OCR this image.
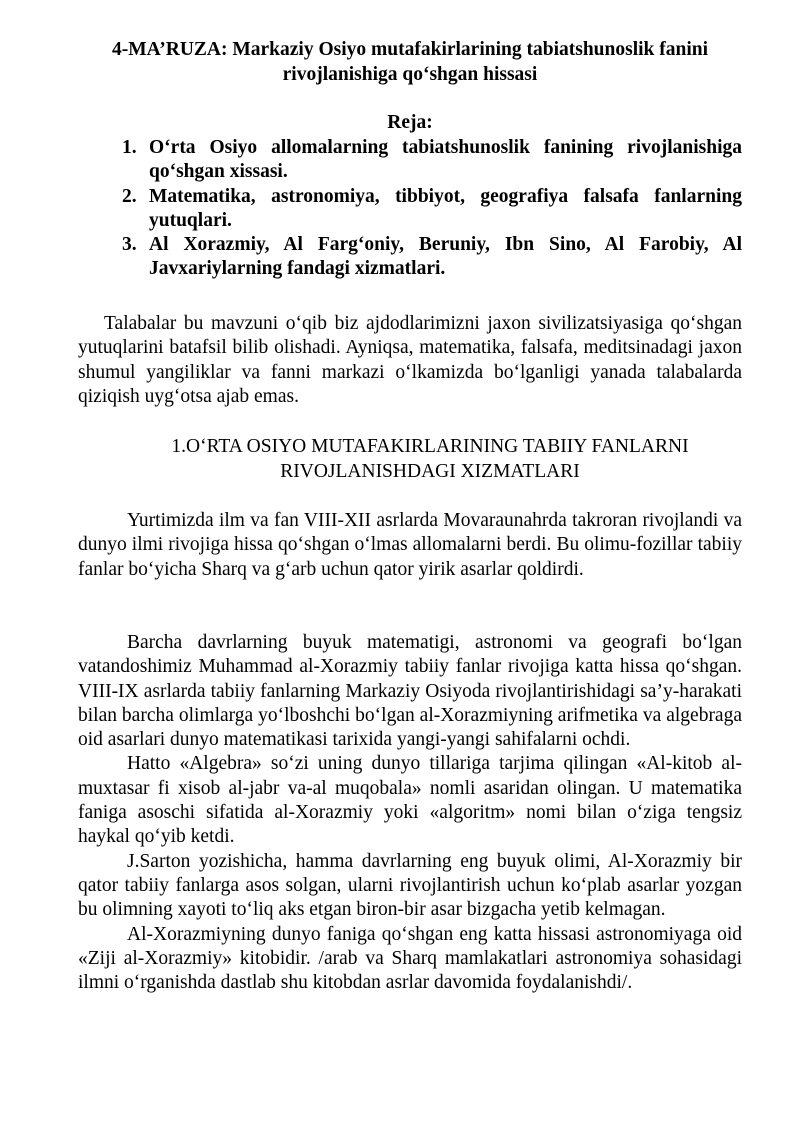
4-MA’RUZA: Markaziy Osiyo mutafakirlarining tabiatshunoslik fanini rivojlanishiga qo‘shgan hissasi
Reja:
1. O‘rta Osiyo allomalarning tabiatshunoslik fanining rivojlanishiga qo‘shgan xissasi.
2. Matematika, astronomiya, tibbiyot, geografiya falsafa fanlarning yutuqlari.
3. Al Xorazmiy, Al Farg‘oniy, Beruniy, Ibn Sino, Al Farobiy, Al Javxariylarning fandagi xizmatlari.

Talabalar bu mavzuni o‘qib biz ajdodlarimizni jaxon sivilizatsiyasiga qo‘shgan yutuqlarini batafsil bilib olishadi. Ayniqsa, matematika, falsafa, meditsinadagi jaxon shumul yangiliklar va fanni markazi o‘lkamizda bo‘lganligi yanada talabalarda qiziqish uyg‘otsa ajab emas.

1.O‘RTA OSIYO MUTAFAKIRLARINING TABIIY FANLARNI RIVOJLANISHDAGI XIZMATLARI

Yurtimizda ilm va fan VIII-XII asrlarda Movaraunahrda takroran rivojlandi va dunyo ilmi rivojiga hissa qo‘shgan o‘lmas allomalarni berdi. Bu olimu-fozillar tabiiy fanlar bo‘yicha Sharq va g‘arb uchun qator yirik asarlar qoldirdi.

Barcha davrlarning buyuk matematigi, astronomi va geografi bo‘lgan vatandoshimiz Muhammad al-Xorazmiy tabiiy fanlar rivojiga katta hissa qo‘shgan. VIII-IX asrlarda tabiiy fanlarning Markaziy Osiyoda rivojlantirishidagi sa’y-harakati bilan barcha olimlarga yo‘lboshchi bo‘lgan al-Xorazmiyning arifmetika va algebraga oid asarlari dunyo matematikasi tarixida yangi-yangi sahifalarni ochdi.

Hatto «Algebra» so‘zi uning dunyo tillariga tarjima qilingan «Al-kitob al-muxtasar fi xisob al-jabr va-al muqobala» nomli asaridan olingan. U matematika faniga asoschi sifatida al-Xorazmiy yoki «algoritm» nomi bilan o‘ziga tengsiz haykal qo‘yib ketdi.

J.Sarton yozishicha, hamma davrlarning eng buyuk olimi, Al-Xorazmiy bir qator tabiiy fanlarga asos solgan, ularni rivojlantirish uchun ko‘plab asarlar yozgan bu olimning xayoti to‘liq aks etgan biron-bir asar bizgacha yetib kelmagan.

Al-Xorazmiyning dunyo faniga qo‘shgan eng katta hissasi astronomiyaga oid «Ziji al-Xorazmiy» kitobidir. /arab va Sharq mamlakatlari astronomiya sohasidagi ilmni o‘rganishda dastlab shu kitobdan asrlar davomida foydalanishdi/.
